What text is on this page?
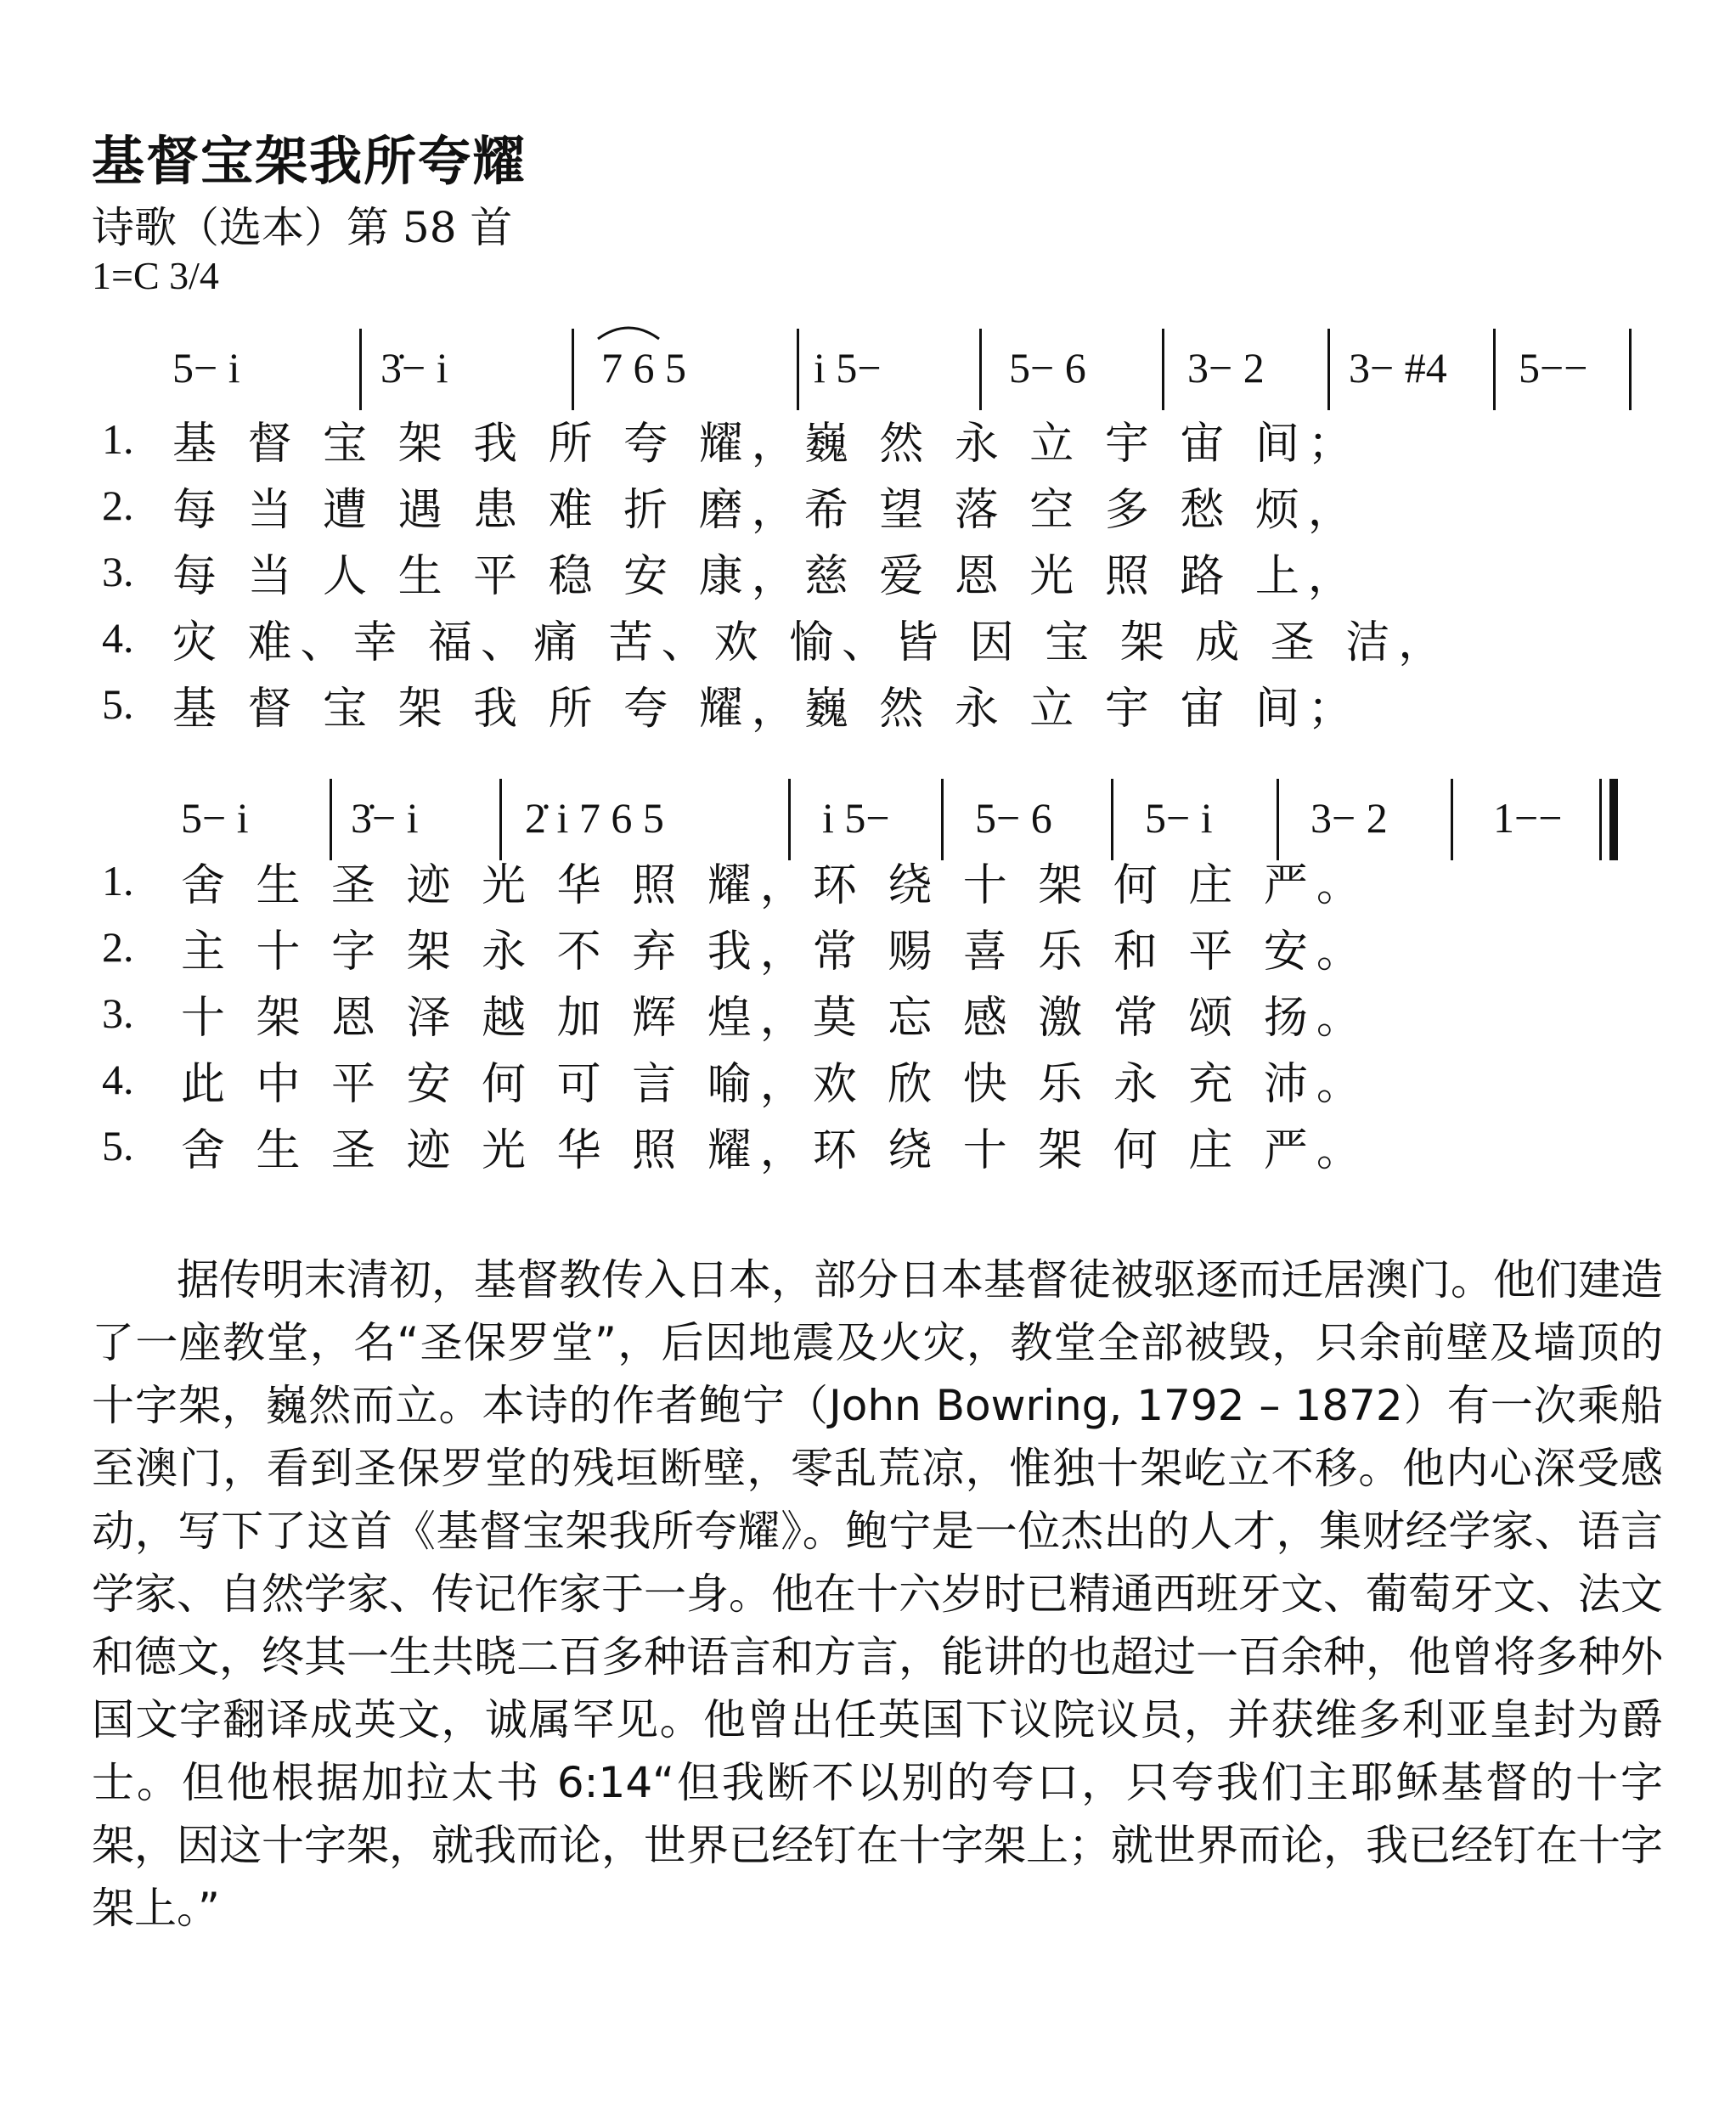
基督宝架我所夸耀
诗歌（选本）第 58 首
1=C 3/4
5− i	3̇− i	7 6 5	i 5−	5− 6 3− 2 3− #4 5−−
1. 基 督 宝 架 我 所 夸 耀，巍 然 永 立 宇 宙 间；
2. 每 当 遭 遇 患 难 折 磨，希 望 落 空 多 愁 烦，
3. 每 当 人 生 平 稳 安 康，慈 爱 恩 光 照 路 上，
4. 灾 难、幸 福、痛 苦、欢 愉、皆 因 宝 架 成 圣 洁，
5. 基 督 宝 架 我 所 夸 耀，巍 然 永 立 宇 宙 间；
5− i 3̇− i	2̇ i 7 6 5	i 5− 5− 6 5− i 3− 2 1−−
1. 舍 生 圣 迹 光 华 照 耀，环 绕 十 架 何 庄 严。
2. 主 十 字 架 永 不 弃 我，常 赐 喜 乐 和 平 安。
3. 十 架 恩 泽 越 加 辉 煌，莫 忘 感 激 常 颂 扬。
4. 此 中 平 安 何 可 言 喻，欢 欣 快 乐 永 充 沛。
5. 舍 生 圣 迹 光 华 照 耀，环 绕 十 架 何 庄 严。

据传明末清初，基督教传入日本，部分日本基督徒被驱逐而迁居澳门。他们建造了一座教堂，名“圣保罗堂”，后因地震及火灾，教堂全部被毁，只余前壁及墙顶的十字架，巍然而立。本诗的作者鲍宁（John Bowring, 1792 – 1872）有一次乘船至澳门，看到圣保罗堂的残垣断壁，零乱荒凉，惟独十架屹立不移。他内心深受感动，写下了这首《基督宝架我所夸耀》。鲍宁是一位杰出的人才，集财经学家、语言学家、自然学家、传记作家于一身。他在十六岁时已精通西班牙文、葡萄牙文、法文和德文，终其一生共晓二百多种语言和方言，能讲的也超过一百余种，他曾将多种外国文字翻译成英文，诚属罕见。他曾出任英国下议院议员，并获维多利亚皇封为爵士。但他根据加拉太书 6:14“但我断不以别的夸口，只夸我们主耶稣基督的十字架，因这十字架，就我而论，世界已经钉在十字架上；就世界而论，我已经钉在十字架上。”
